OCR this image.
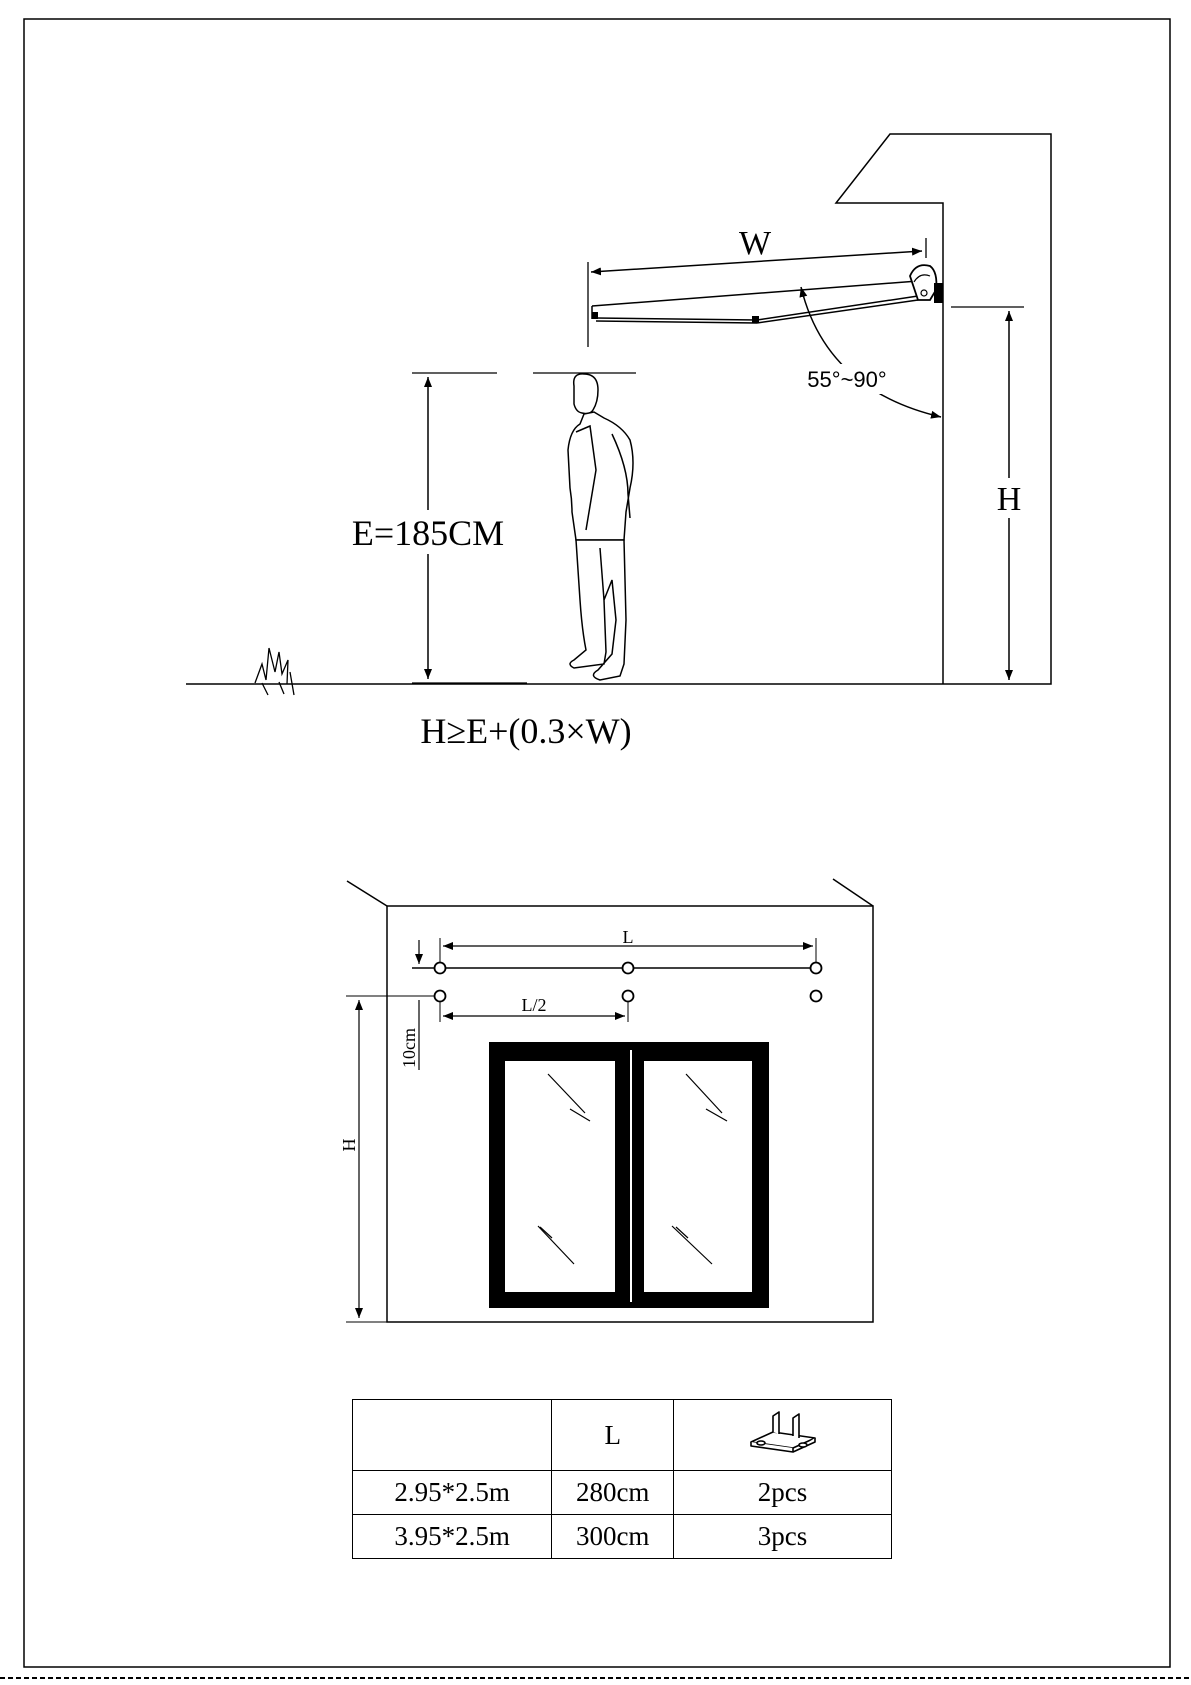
W
55°~90°
H
E=185CM
H≥E+(0.3×W)
L
L/2
10cm
H
	L	
2.95*2.5m	280cm	2pcs
3.95*2.5m	300cm	3pcs
